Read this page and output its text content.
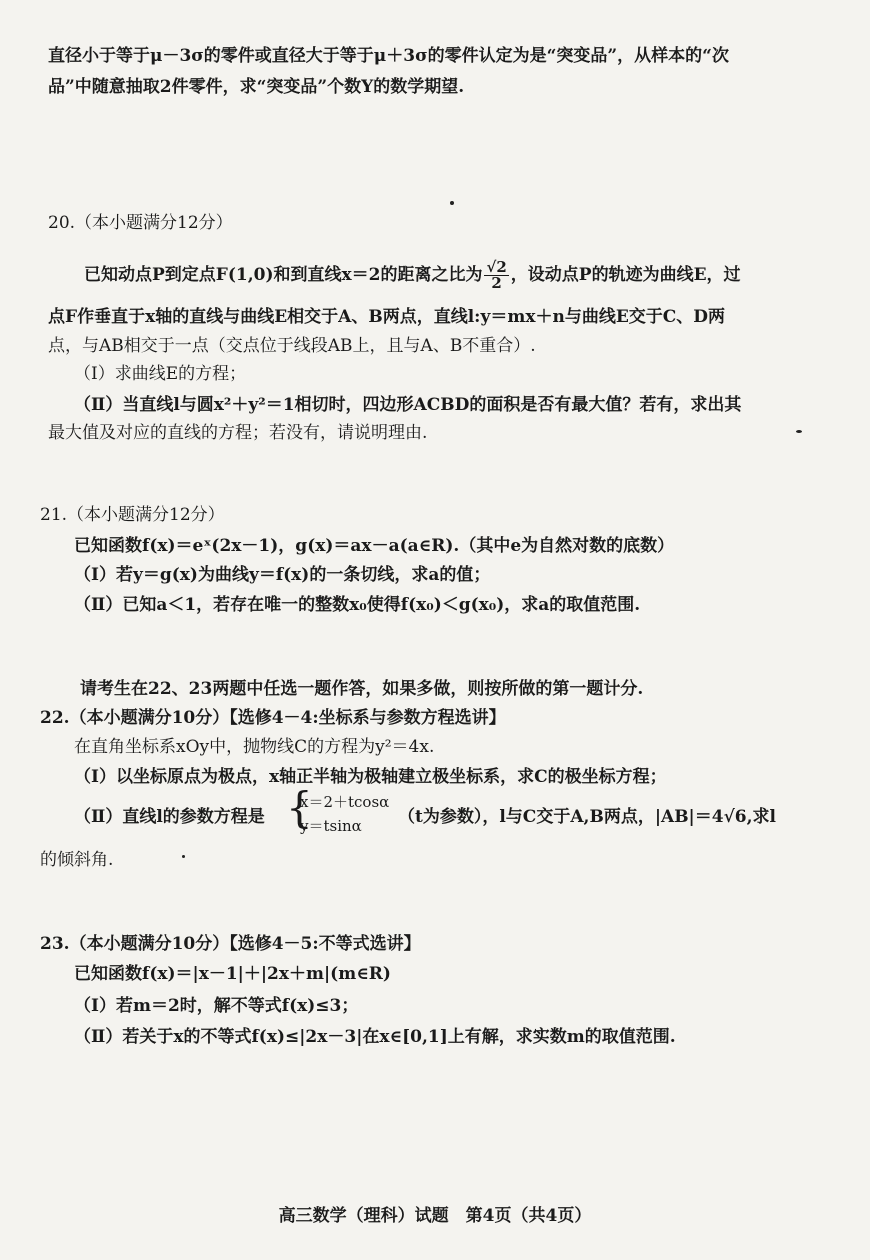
直径小于等于μ－3σ的零件或直径大于等于μ＋3σ的零件认定为是“突变品”，从样本的“次
品”中随意抽取2件零件，求“突变品”个数Y的数学期望.
20.（本小题满分12分）
已知动点P到定点F(1,0)和到直线x＝2的距离之比为 $\frac{√2}{2}$ ，设动点P的轨迹为曲线E，过
点F作垂直于x轴的直线与曲线E相交于A、B两点，直线l:y＝mx＋n与曲线E交于C、D两
点，与AB相交于一点（交点位于线段AB上，且与A、B不重合）.
（Ⅰ）求曲线E的方程；
（Ⅱ）当直线l与圆x²＋y²＝1相切时，四边形ACBD的面积是否有最大值？若有，求出其
最大值及对应的直线的方程；若没有，请说明理由.
21.（本小题满分12分）
已知函数f(x)＝eˣ(2x－1)，g(x)＝ax－a(a∈R).（其中e为自然对数的底数）
（Ⅰ）若y＝g(x)为曲线y＝f(x)的一条切线，求a的值；
（Ⅱ）已知a＜1，若存在唯一的整数x₀使得f(x₀)＜g(x₀)，求a的取值范围.
请考生在22、23两题中任选一题作答，如果多做，则按所做的第一题计分.
22.（本小题满分10分）【选修4－4:坐标系与参数方程选讲】
在直角坐标系xOy中，抛物线C的方程为y²＝4x.
（Ⅰ）以坐标原点为极点，x轴正半轴为极轴建立极坐标系，求C的极坐标方程；
（Ⅱ）直线l的参数方程是 {
x＝2＋tcosα
y＝tsinα （t为参数），l与C交于A,B两点，|AB|＝4√6,求l
的倾斜角.
23.（本小题满分10分）【选修4－5:不等式选讲】
已知函数f(x)＝|x－1|＋|2x＋m|(m∈R)
（Ⅰ）若m＝2时，解不等式f(x)≤3；
（Ⅱ）若关于x的不等式f(x)≤|2x－3|在x∈[0,1]上有解，求实数m的取值范围.
高三数学（理科）试题　第4页（共4页）
